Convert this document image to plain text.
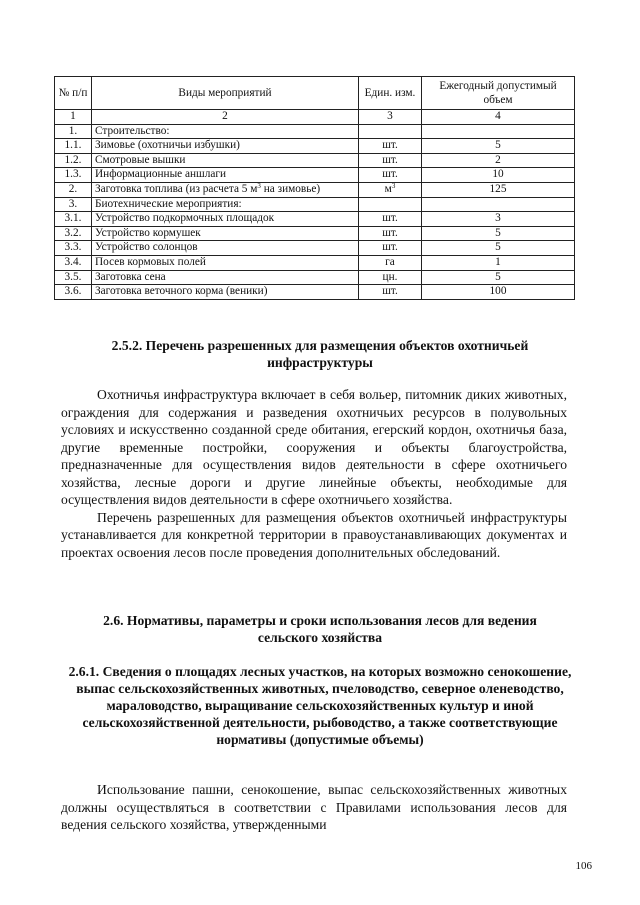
№ п/п	Виды мероприятий	Един. изм.	Ежегодный допустимый объем
1	2	3	4
1.	Строительство:		
1.1.	Зимовье (охотничьи избушки)	шт.	5
1.2.	Смотровые вышки	шт.	2
1.3.	Информационные аншлаги	шт.	10
2.	Заготовка топлива (из расчета 5 $м^3$ на зимовье)	$м^3$	125
3.	Биотехнические мероприятия:		
3.1.	Устройство подкормочных площадок	шт.	3
3.2.	Устройство кормушек	шт.	5
3.3.	Устройство солонцов	шт.	5
3.4.	Посев кормовых полей	га	1
3.5.	Заготовка сена	цн.	5
3.6.	Заготовка веточного корма (веники)	шт.	100
2.5.2. Перечень разрешенных для размещения объектов охотничьей инфраструктуры

Охотничья инфраструктура включает в себя вольер, питомник диких животных, ограждения для содержания и разведения охотничьих ресурсов в полувольных условиях и искусственно созданной среде обитания, егерский кордон, охотничья база, другие временные постройки, сооружения и объекты благоустройства, предназначенные для осуществления видов деятельности в сфере охотничьего хозяйства, лесные дороги и другие линейные объекты, необходимые для осуществления видов деятельности в сфере охотничьего хозяйства.

Перечень разрешенных для размещения объектов охотничьей инфраструктуры устанавливается для конкретной территории в правоустанавливающих документах и проектах освоения лесов после проведения дополнительных обследований.

2.6. Нормативы, параметры и сроки использования лесов для ведения сельского хозяйства
2.6.1. Сведения о площадях лесных участков, на которых возможно сенокошение, выпас сельскохозяйственных животных, пчеловодство, северное оленеводство, мараловодство, выращивание сельскохозяйственных культур и иной сельскохозяйственной деятельности, рыбоводство, а также соответствующие нормативы (допустимые объемы)

Использование пашни, сенокошение, выпас сельскохозяйственных животных должны осуществляться в соответствии с Правилами использования лесов для ведения сельского хозяйства, утвержденными

106
